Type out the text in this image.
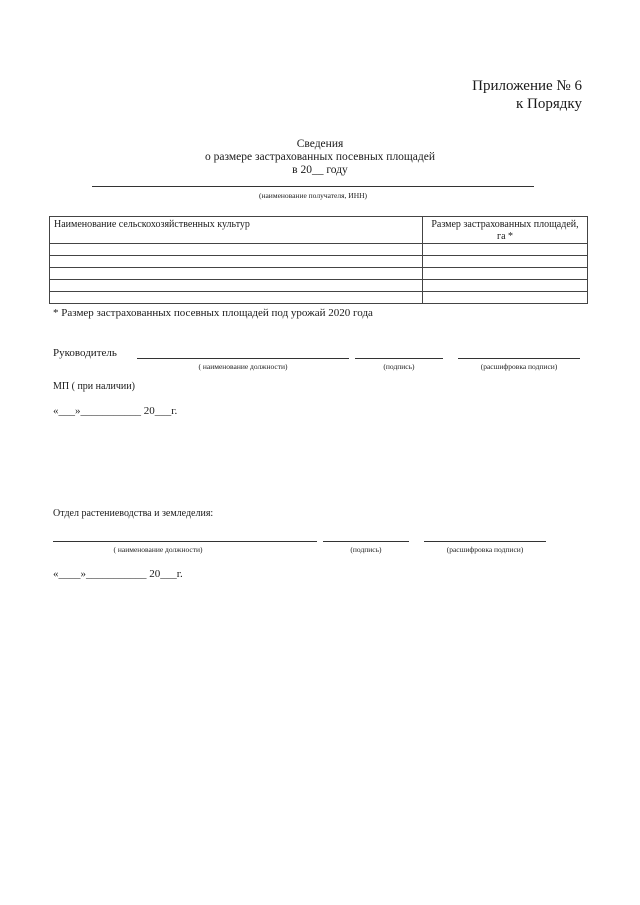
Приложение № 6
к Порядку
Сведения
о размере застрахованных посевных площадей
в 20__ году
(наименование получателя, ИНН)
Наименование сельскохозяйственных культур	Размер застрахованных площадей, га *

* Размер застрахованных посевных площадей под урожай 2020 года
Руководитель
( наименование должности)	(подпись)	(расшифровка подписи)
МП ( при наличии)
«___»___________ 20___г.
Отдел растениеводства и земледелия:
( наименование должности)	(подпись)	(расшифровка подписи)
«____»___________ 20___г.
